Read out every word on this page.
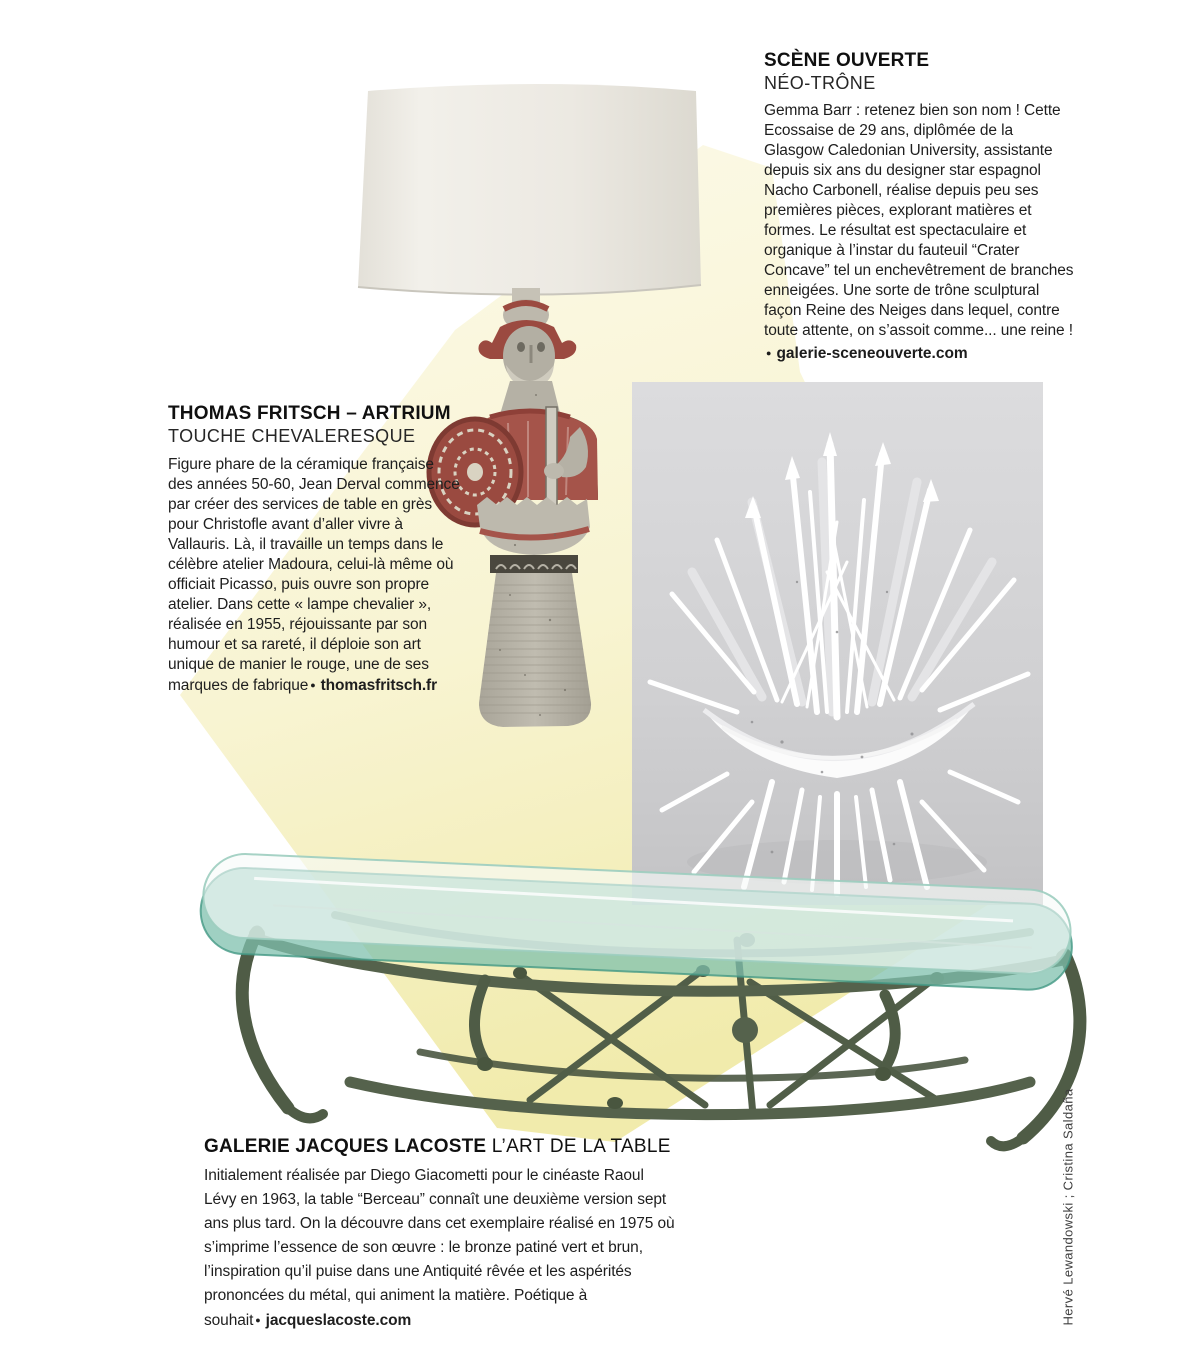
SCÈNE OUVERTE
NÉO-TRÔNE
Gemma Barr : retenez bien son nom ! Cette Ecossaise de 29 ans, diplômée de la Glasgow Caledonian University, assistante depuis six ans du designer star espagnol Nacho Carbonell, réalise depuis peu ses premières pièces, explorant matières et formes. Le résultat est spectaculaire et organique à l’instar du fauteuil “Crater Concave” tel un enchevêtrement de branches enneigées. Une sorte de trône sculptural façon Reine des Neiges dans lequel, contre toute attente, on s’assoit comme... une reine !
● galerie-sceneouverte.com
THOMAS FRITSCH – ARTRIUM
TOUCHE CHEVALERESQUE
Figure phare de la céramique française des années 50-60, Jean Derval commence par créer des services de table en grès pour Christofle avant d’aller vivre à Vallauris. Là, il travaille un temps dans le célèbre atelier Madoura, celui-là même où officiait Picasso, puis ouvre son propre atelier. Dans cette « lampe chevalier », réalisée en 1955, réjouissante par son humour et sa rareté, il déploie son art unique de manier le rouge, une de ses marques de fabrique ● thomasfritsch.fr
GALERIE JACQUES LACOSTE L’ART DE LA TABLE
Initialement réalisée par Diego Giacometti pour le cinéaste Raoul Lévy en 1963, la table “Berceau” connaît une deuxième version sept ans plus tard. On la découvre dans cet exemplaire réalisé en 1975 où s’imprime l’essence de son œuvre : le bronze patiné vert et brun, l’inspiration qu’il puise dans une Antiquité rêvée et les aspérités prononcées du métal, qui animent la matière. Poétique à souhait ● jacqueslacoste.com	Hervé Lewandowski ; Cristina Saldaña
